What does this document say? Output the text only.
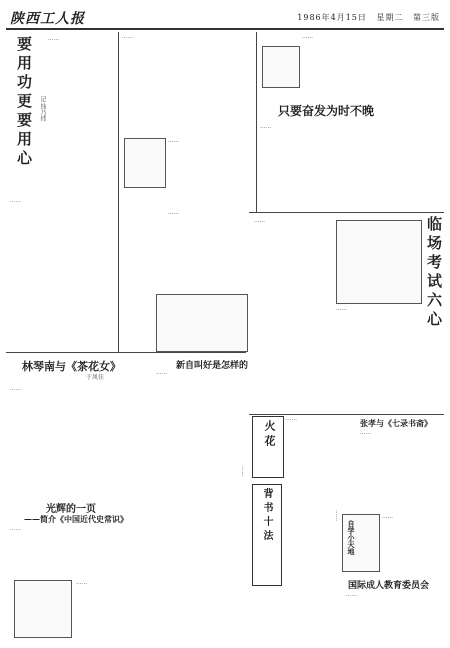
陕西工人报	1986年4月15日 星期二 第三版
要用功更要用心	记 钱乃炜
……
……
……
……
……
只要奋发为时不晚
……
……
新自叫好是怎样的
……
临场考试六心
……
……
林琴南与《茶花女》
于凤佳
……
火花
……	张孝与《七录书斋》
……
光辉的一页
——简介《中国近代史常识》
……
……
……
背书十法	……
自学小天地
……
国际成人教育委员会
……
